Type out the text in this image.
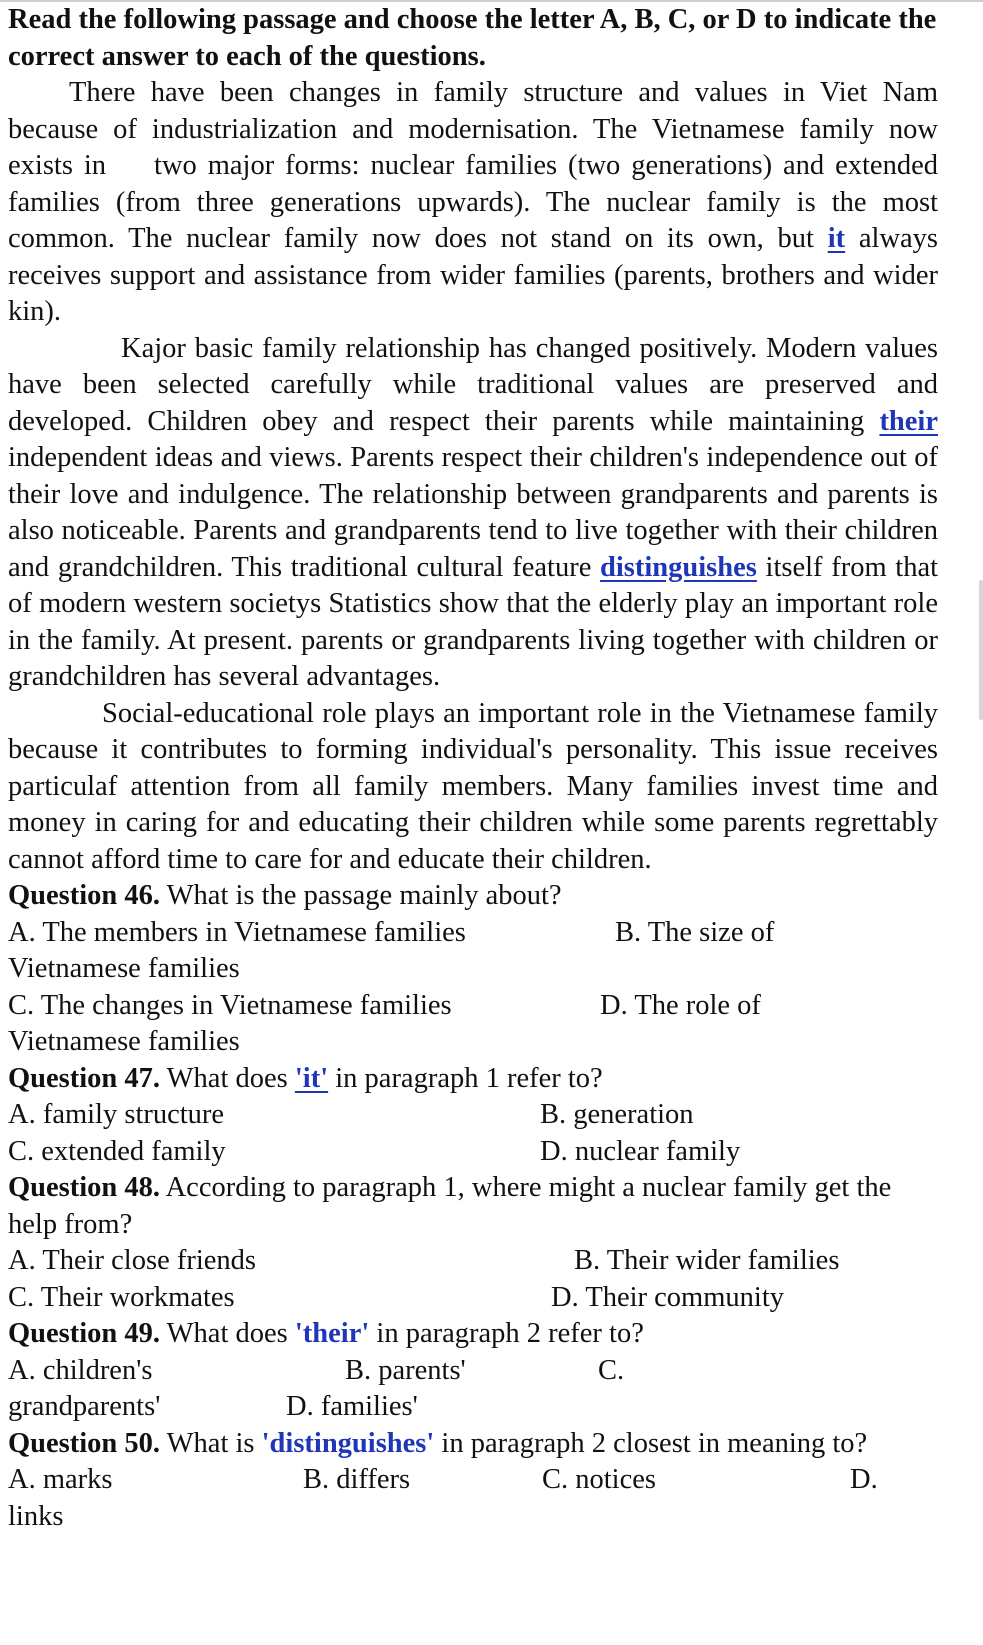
Read the following passage and choose the letter A, B, C, or D to indicate the correct answer to each of the questions.

There have been changes in family structure and values in Viet Nam because of industrialization and modernisation. The Vietnamese family now exists in two major forms: nuclear families (two generations) and extended families (from three generations upwards). The nuclear family is the most common. The nuclear family now does not stand on its own, but it always receives support and assistance from wider families (parents, brothers and wider kin).

Kajor basic family relationship has changed positively. Modern values have been selected carefully while traditional values are preserved and developed. Children obey and respect their parents while maintaining their independent ideas and views. Parents respect their children's independence out of their love and indulgence. The relationship between grandparents and parents is also noticeable. Parents and grandparents tend to live together with their children and grandchildren. This traditional cultural feature distinguishes itself from that of modern western societys Statistics show that the elderly play an important role in the family. At present. parents or grandparents living together with children or grandchildren has several advantages.

Social-educational role plays an important role in the Vietnamese family because it contributes to forming individual's personality. This issue receives particulaf attention from all family members. Many families invest time and money in caring for and educating their children while some parents regrettably cannot afford time to care for and educate their children.

Question 46. What is the passage mainly about?

A. The members in Vietnamese families	B. The size of
Vietnamese families
C. The changes in Vietnamese families	D. The role of
Vietnamese families

Question 47. What does 'it' in paragraph 1 refer to?

A. family structure	B. generation
C. extended family	D. nuclear family

Question 48. According to paragraph 1, where might a nuclear family get the help from?

A. Their close friends	B. Their wider families
C. Their workmates	D. Their community

Question 49. What does 'their' in paragraph 2 refer to?

A. children's	B. parents'	C.
grandparents'	D. families'

Question 50. What is 'distinguishes' in paragraph 2 closest in meaning to?

A. marks	B. differs	C. notices	D.
links
